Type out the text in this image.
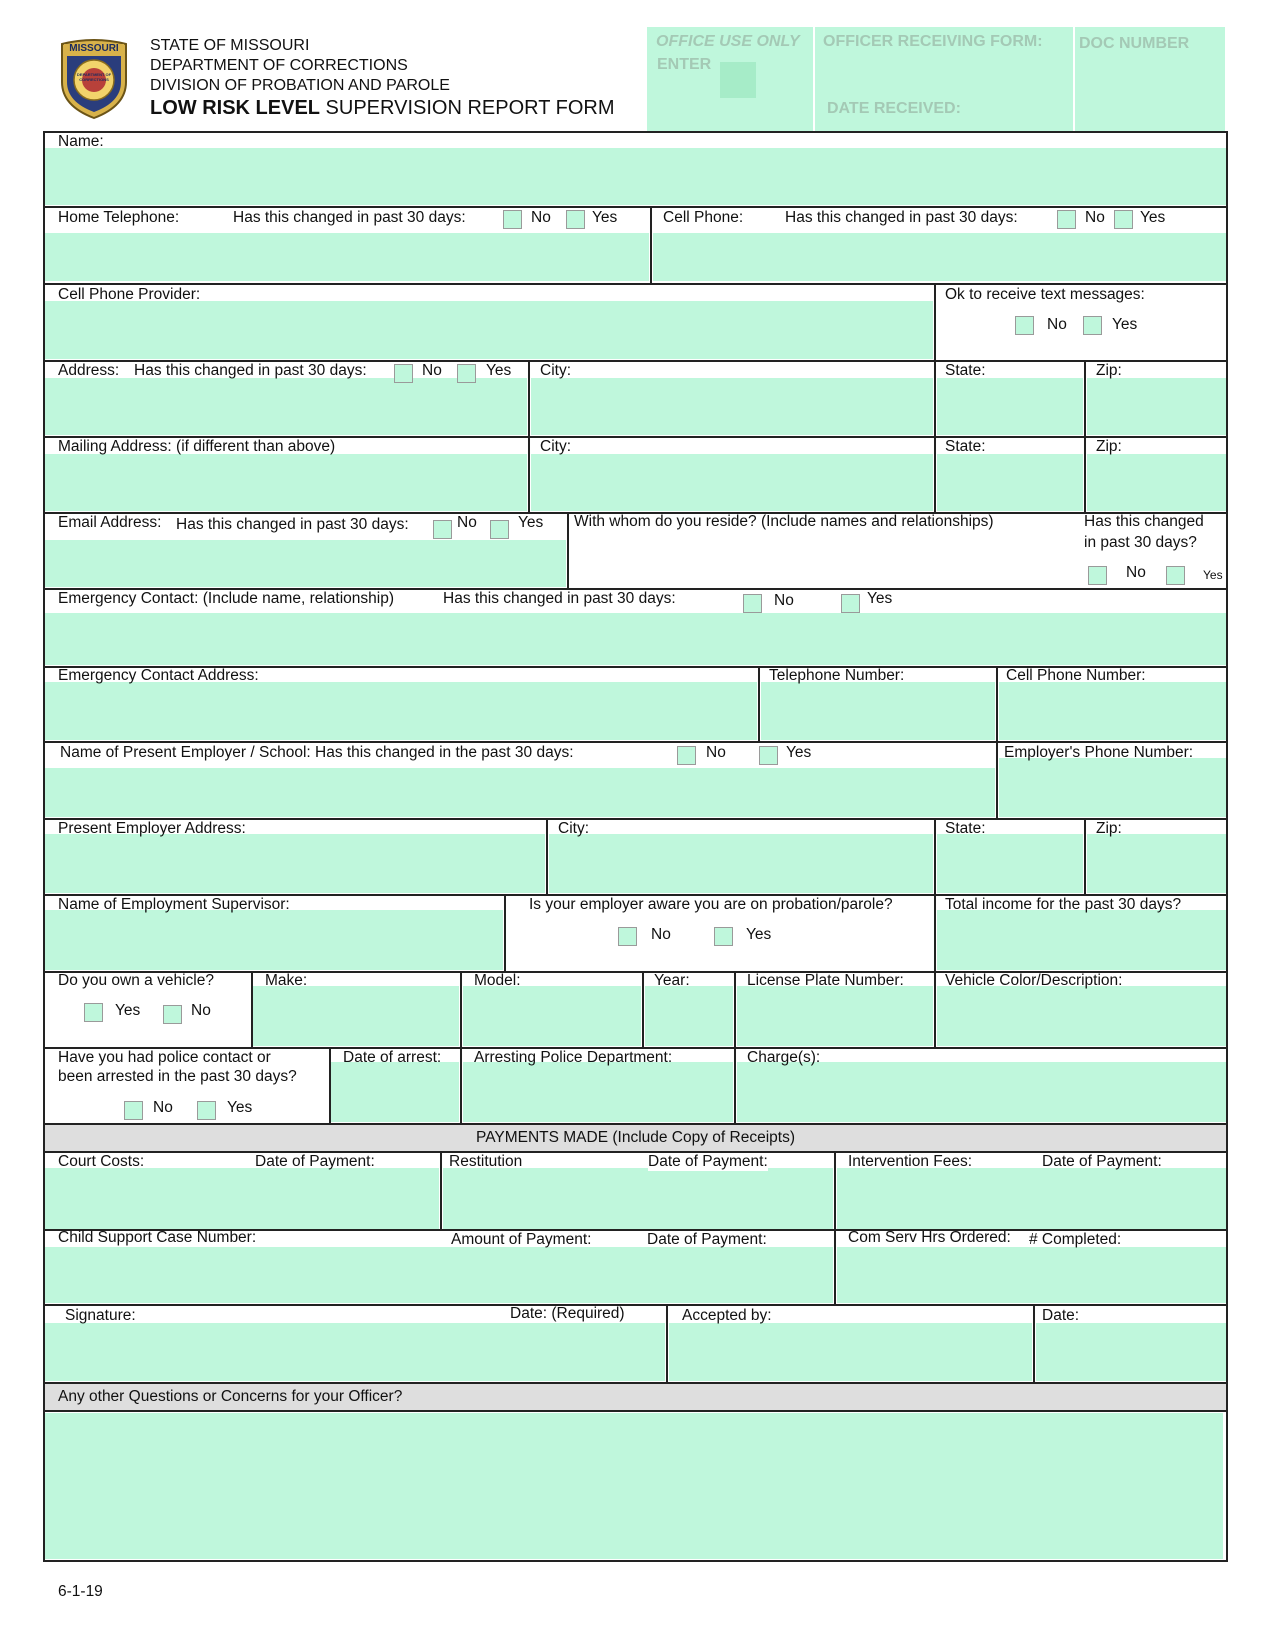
MISSOURI
DEPARTMENT OF CORRECTIONS
STATE OF MISSOURI
DEPARTMENT OF CORRECTIONS
DIVISION OF PROBATION AND PAROLE
LOW RISK LEVEL SUPERVISION REPORT FORM
OFFICE USE ONLY
ENTER
OFFICER RECEIVING FORM:
DATE RECEIVED:
DOC NUMBER
Name:
Home Telephone:	Has this changed in past 30 days:	No	Yes	Cell Phone:	Has this changed in past 30 days:	No Yes
Cell Phone Provider:	Ok to receive text messages:
No	Yes
Address: Has this changed in past 30 days:	No	Yes City:	State:	Zip:
Mailing Address: (if different than above)	City:	State:	Zip:
Email Address: Has this changed in past 30 days:	No	Yes With whom do you reside? (Include names and relationships)	Has this changed
in past 30 days?
No	Yes
Emergency Contact: (Include name, relationship)	Has this changed in past 30 days:	No	Yes
Emergency Contact Address:	Telephone Number:	Cell Phone Number:
Name of Present Employer / School: Has this changed in the past 30 days:	No	Yes	Employer's Phone Number:
Present Employer Address:	City:	State:	Zip:
Name of Employment Supervisor:	Is your employer aware you are on probation/parole?
No	Yes
Total income for the past 30 days?
Do you own a vehicle?
Yes	No
Make:	Model:	Year:	License Plate Number:	Vehicle Color/Description:
Have you had police contact or
been arrested in the past 30 days?
No	Yes
Date of arrest: Arresting Police Department:	Charge(s):
PAYMENTS MADE (Include Copy of Receipts)
Court Costs:	Date of Payment:	Restitution	Date of Payment:	Intervention Fees:	Date of Payment:
Child Support Case Number:	Amount of Payment:	Date of Payment:	Com Serv Hrs Ordered: # Completed:
Signature:	Date: (Required)	Accepted by:	Date:
Any other Questions or Concerns for your Officer?
6-1-19
